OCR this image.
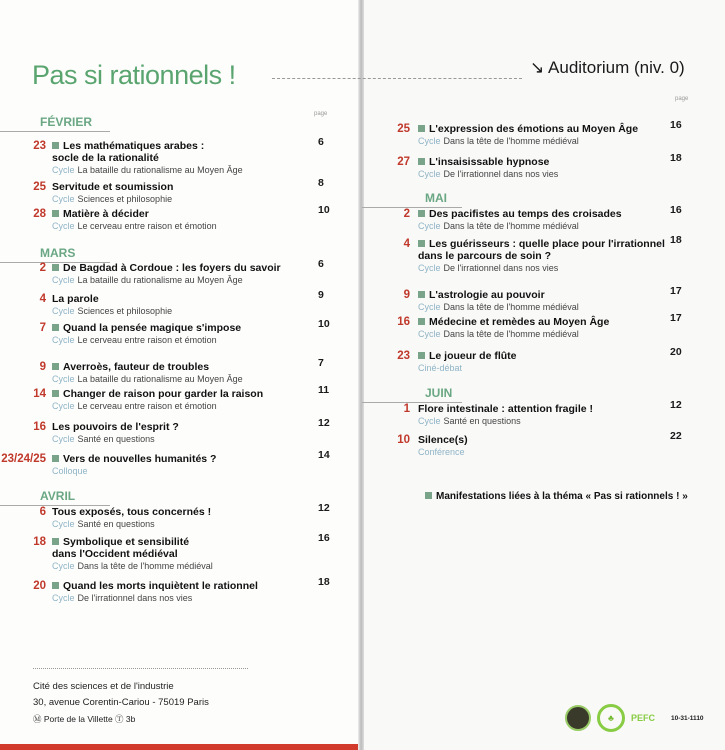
Pas si rationnels !	↘ Auditorium (niv. 0)
page
page
Manifestations liées à la théma « Pas si rationnels ! »
Cité des sciences et de l'industrie
30, avenue Corentin-Cariou - 75019 Paris
Ⓜ Porte de la Villette Ⓣ 3b	♣	PEFC 10-31-1110
FÉVRIER
23	Les mathématiques arabes :
socle de la rationalité
Cycle La bataille du rationalisme au Moyen Âge
6
25 Servitude et soumission
Cycle Sciences et philosophie
8
28	Matière à décider
Cycle Le cerveau entre raison et émotion
10
MARS
2	De Bagdad à Cordoue : les foyers du savoir
Cycle La bataille du rationalisme au Moyen Âge
6
4 La parole
Cycle Sciences et philosophie
9
7	Quand la pensée magique s'impose
Cycle Le cerveau entre raison et émotion
10
9	Averroès, fauteur de troubles
Cycle La bataille du rationalisme au Moyen Âge
7
14	Changer de raison pour garder la raison
Cycle Le cerveau entre raison et émotion
11
16 Les pouvoirs de l'esprit ?
Cycle Santé en questions
12
23/24/25	Vers de nouvelles humanités ?
Colloque
14
AVRIL
6 Tous exposés, tous concernés !
Cycle Santé en questions
12
18	Symbolique et sensibilité
dans l'Occident médiéval
Cycle Dans la tête de l'homme médiéval
16
20	Quand les morts inquiètent le rationnel
Cycle De l'irrationnel dans nos vies
18
25	L'expression des émotions au Moyen Âge
Cycle Dans la tête de l'homme médiéval
16
27	L'insaisissable hypnose
Cycle De l'irrationnel dans nos vies
18
MAI
2	Des pacifistes au temps des croisades
Cycle Dans la tête de l'homme médiéval
16
4	Les guérisseurs : quelle place pour l'irrationnel
dans le parcours de soin ?
Cycle De l'irrationnel dans nos vies
18
9	L'astrologie au pouvoir
Cycle Dans la tête de l'homme médiéval
17
16	Médecine et remèdes au Moyen Âge
Cycle Dans la tête de l'homme médiéval
17
23	Le joueur de flûte
Ciné-débat
20
JUIN
1 Flore intestinale : attention fragile !
Cycle Santé en questions
12
10 Silence(s)
Conférence
22
